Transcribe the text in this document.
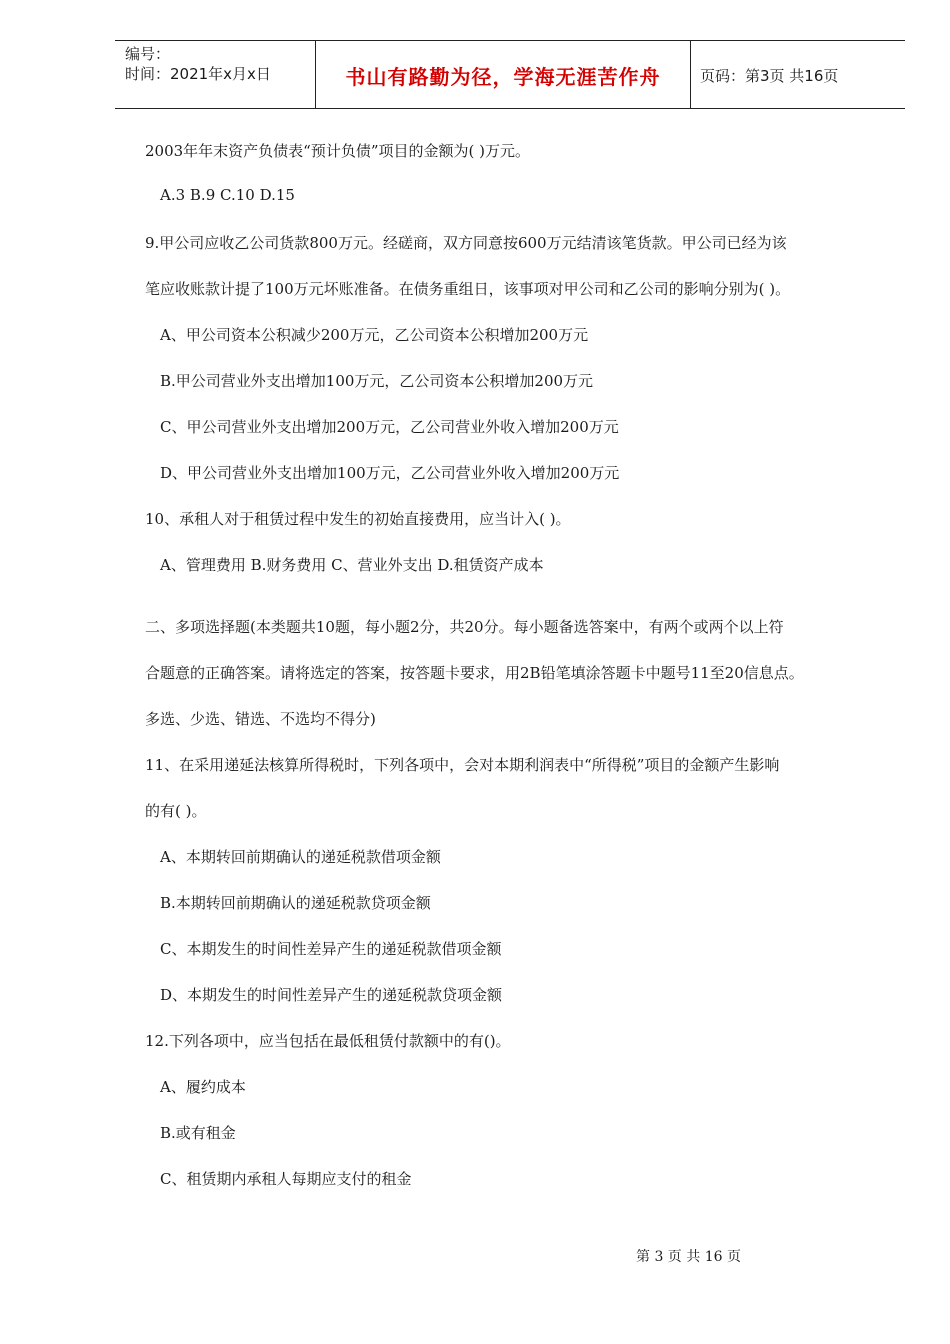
编号：
时间：2021年x月x日	书山有路勤为径，学海无涯苦作舟	页码：第3页 共16页
2003年年末资产负债表“预计负债”项目的金额为( )万元。
A.3 B.9 C.10 D.15
9.甲公司应收乙公司货款800万元。经磋商，双方同意按600万元结清该笔货款。甲公司已经为该
笔应收账款计提了100万元坏账准备。在债务重组日，该事项对甲公司和乙公司的影响分别为( )。
A、甲公司资本公积减少200万元，乙公司资本公积增加200万元
B.甲公司营业外支出增加100万元，乙公司资本公积增加200万元
C、甲公司营业外支出增加200万元，乙公司营业外收入增加200万元
D、甲公司营业外支出增加100万元，乙公司营业外收入增加200万元
10、承租人对于租赁过程中发生的初始直接费用，应当计入( )。
A、管理费用 B.财务费用 C、营业外支出 D.租赁资产成本
二、多项选择题(本类题共10题，每小题2分，共20分。每小题备选答案中，有两个或两个以上符
合题意的正确答案。请将选定的答案，按答题卡要求，用2B铅笔填涂答题卡中题号11至20信息点。
多选、少选、错选、不选均不得分)
11、在采用递延法核算所得税时，下列各项中，会对本期利润表中“所得税”项目的金额产生影响
的有( )。
A、本期转回前期确认的递延税款借项金额
B.本期转回前期确认的递延税款贷项金额
C、本期发生的时间性差异产生的递延税款借项金额
D、本期发生的时间性差异产生的递延税款贷项金额
12.下列各项中，应当包括在最低租赁付款额中的有()。
A、履约成本
B.或有租金
C、租赁期内承租人每期应支付的租金
第 3 页 共 16 页
